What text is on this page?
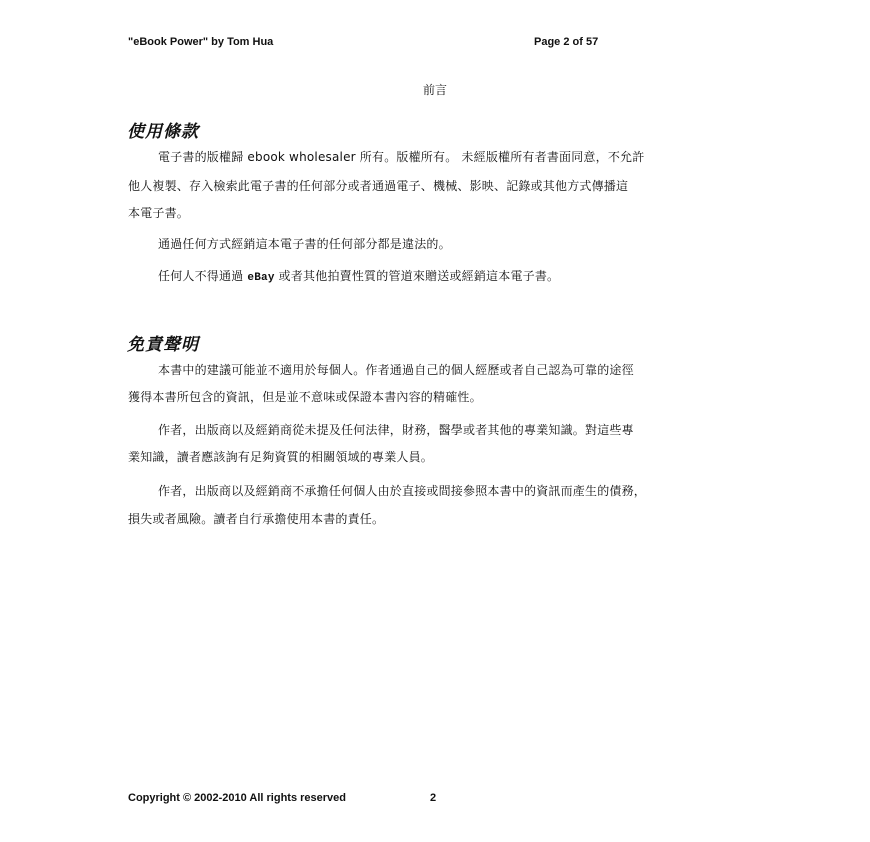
"eBook Power" by Tom Hua	Page 2 of 57
前言
使用條款
電子書的版權歸 ebook wholesaler 所有。版權所有。 未經版權所有者書面同意，不允許
他人複製、存入檢索此電子書的任何部分或者通過電子、機械、影映、記錄或其他方式傳播這
本電子書。
通過任何方式經銷這本電子書的任何部分都是違法的。
任何人不得通過 eBay 或者其他拍賣性質的管道來贈送或經銷這本電子書。
免責聲明
本書中的建議可能並不適用於每個人。作者通過自己的個人經歷或者自己認為可靠的途徑
獲得本書所包含的資訊，但是並不意味或保證本書內容的精確性。
作者，出版商以及經銷商從未提及任何法律，財務，醫學或者其他的專業知識。對這些專
業知識，讀者應該詢有足夠資質的相關領域的專業人員。
作者，出版商以及經銷商不承擔任何個人由於直接或間接參照本書中的資訊而產生的債務，
損失或者風險。讀者自行承擔使用本書的責任。
Copyright © 2002-2010 All rights reserved	2
